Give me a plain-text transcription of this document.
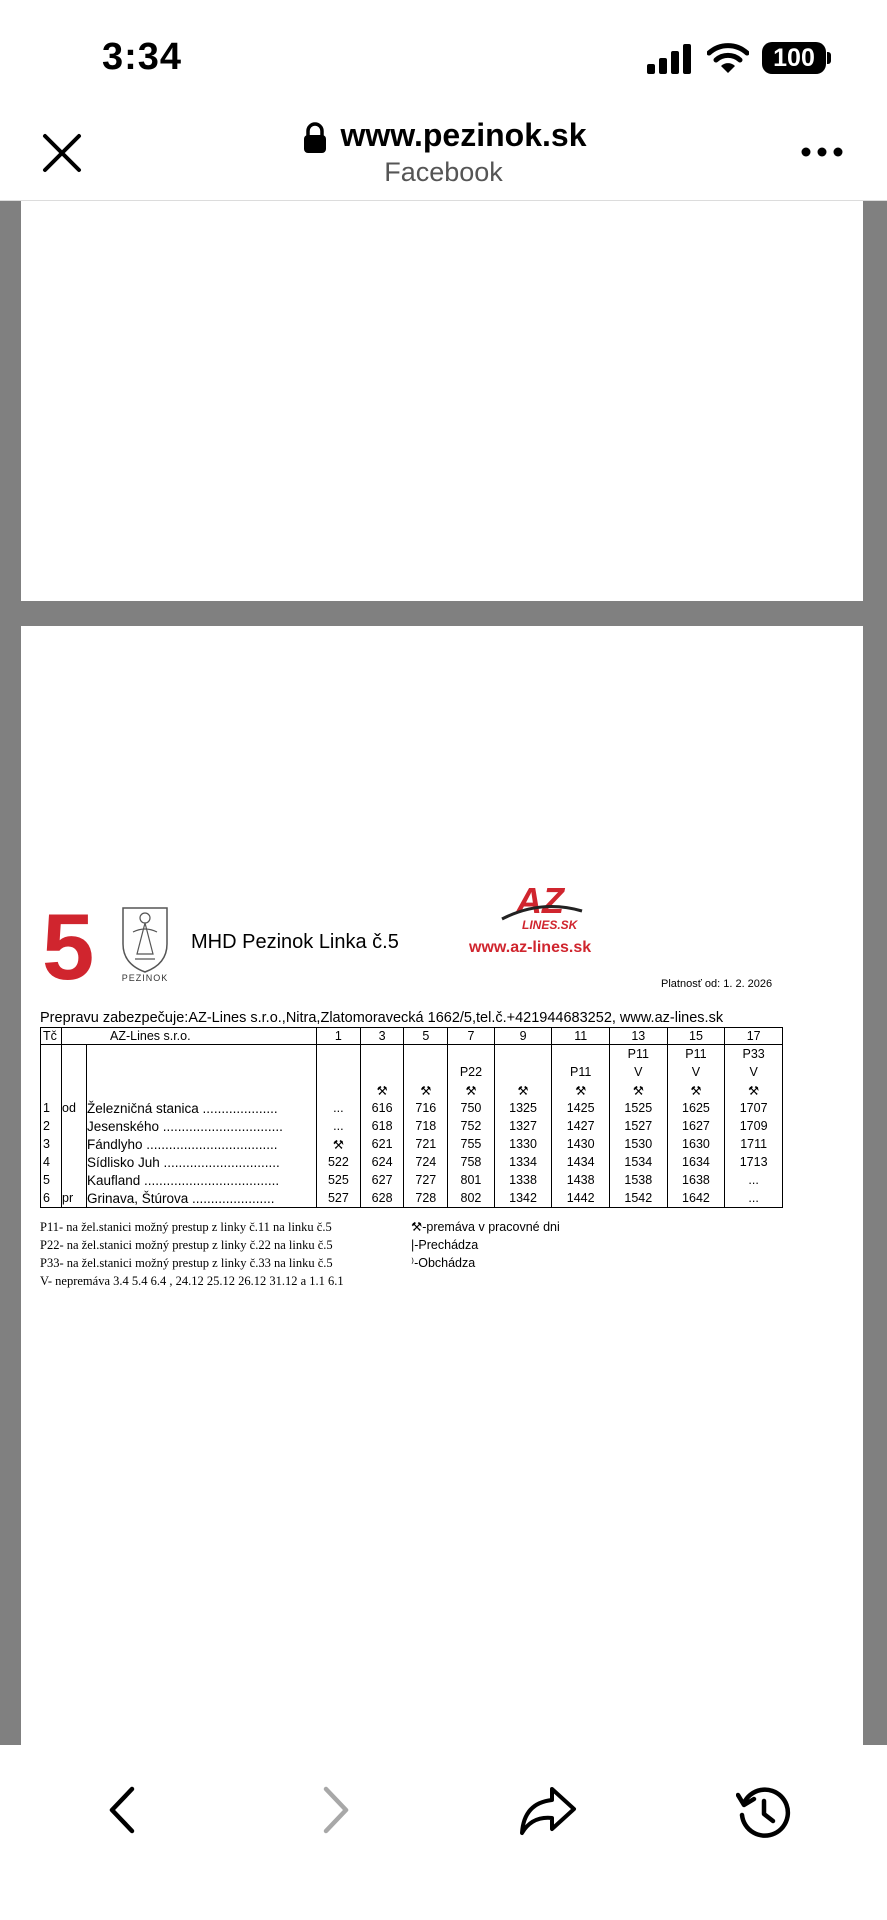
3:34	100
www.pezinok.sk
Facebook
5	PEZINOK
MHD Pezinok Linka č.5
AZ
LINES.SK
www.az-lines.sk
Platnosť od: 1. 2. 2026
Prepravu zabezpečuje:AZ-Lines s.r.o.,Nitra,Zlatomoravecká 1662/5,tel.č.+421944683252, www.az-lines.sk
Tč	AZ-Lines s.r.o.		1	3	5	7	9	11	13	15	17
									P11	P11	P33
						P22		P11	V	V	V
				⚒	⚒	⚒	⚒	⚒	⚒	⚒	⚒
1	od	Železničná stanica ....................	...	616	716	750	1325	1425	1525	1625	1707
2		Jesenského ................................	...	618	718	752	1327	1427	1527	1627	1709
3		Fándlyho ...................................	⚒	621	721	755	1330	1430	1530	1630	1711
4		Sídlisko Juh ...............................	522	624	724	758	1334	1434	1534	1634	1713
5		Kaufland ....................................	525	627	727	801	1338	1438	1538	1638	...
6	pr	Grinava, Štúrova ......................	527	628	728	802	1342	1442	1542	1642	...
P11- na žel.stanici možný prestup z linky č.11 na linku č.5
P22- na žel.stanici možný prestup z linky č.22 na linku č.5
P33- na žel.stanici možný prestup z linky č.33 na linku č.5
V- nepremáva 3.4 5.4 6.4 , 24.12 25.12 26.12 31.12 a 1.1 6.1
⚒-premáva v pracovné dni
|-Prechádza
⁾-Obchádza
